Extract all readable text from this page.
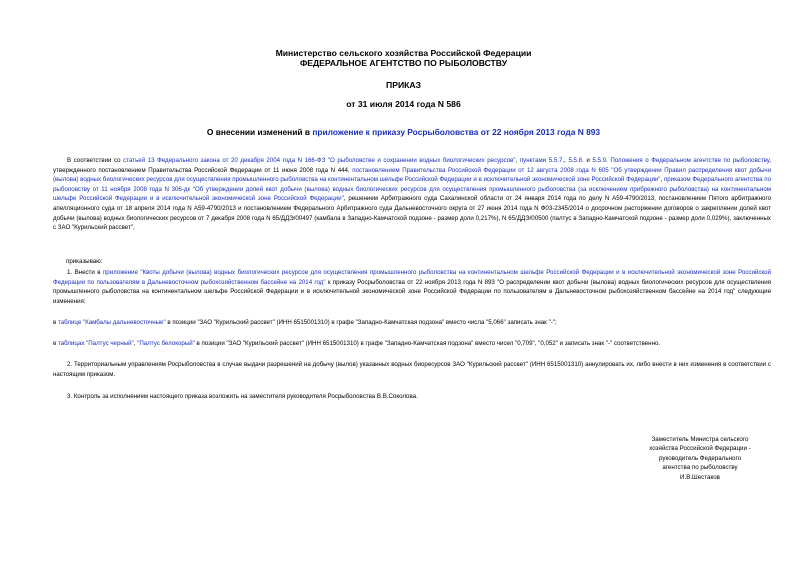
Министерство сельского хозяйства Российской Федерации
ФЕДЕРАЛЬНОЕ АГЕНТСТВО ПО РЫБОЛОВСТВУ
ПРИКАЗ
от 31 июля 2014 года N 586
О внесении изменений в приложение к приказу Росрыболовства от 22 ноября 2013 года N 893
В соответствии со статьей 13 Федерального закона от 20 декабря 2004 года N 166-ФЗ "О рыболовстве и сохранении водных биологических ресурсов", пунктами 5.5.7., 5.5.8. и 5.5.9. Положения о Федеральном агентстве по рыболовству, утвержденного постановлением Правительства Российской Федерации от 11 июня 2008 года N 444, постановлением Правительства Российской Федерации от 12 августа 2008 года N 605 "Об утверждении Правил распределения квот добычи (вылова) водных биологических ресурсов для осуществления промышленного рыболовства на континентальном шельфе Российской Федерации и в исключительной экономической зоне Российской Федерации", приказом Федерального агентства по рыболовству от 11 ноября 2008 года N 306-дк "Об утверждении долей квот добычи (вылова) водных биологических ресурсов для осуществления промышленного рыболовства (за исключением прибрежного рыболовства) на континентальном шельфе Российской Федерации и в исключительной экономической зоне Российской Федерации", решением Арбитражного суда Сахалинской области от 24 января 2014 года по делу N А59-4790/2013, постановлением Пятого арбитражного апелляционного суда от 18 апреля 2014 года N А59-4790/2013 и постановлением Федерального Арбитражного суда Дальневосточного округа от 27 июня 2014 года N Ф03-2345/2014 о досрочном расторжении договоров о закреплении долей квот добычи (вылова) водных биологических ресурсов от 7 декабря 2008 года N 65/ДДЭ/00497 (камбала в Западно-Камчатской подзоне - размер доли 0,217%), N 65/ДДЭ/00500 (палтус в Западно-Камчатской подзоне - размер доли 0,029%), заключенных с ЗАО "Курильский рассвет",
приказываю:
1. Внести в приложение "Квоты добычи (вылова) водных биологических ресурсов для осуществления промышленного рыболовства на континентальном шельфе Российской Федерации и в исключительной экономической зоне Российской Федерации по пользователям в Дальневосточном рыбохозяйственном бассейне на 2014 год" к приказу Росрыболовства от 22 ноября 2013 года N 893 "О распределении квот добычи (вылова) водных биологических ресурсов для осуществления промышленного рыболовства на континентальном шельфе Российской Федерации и в исключительной экономической зоне Российской Федерации по пользователям в Дальневосточном рыбохозяйственном бассейне на 2014 год" следующие изменения:
в таблице "Камбалы дальневосточные" в позиции "ЗАО "Курильский рассвет" (ИНН 6515001310) в графе "Западно-Камчатская подзона" вместо числа "5,066" записать знак "-";
в таблицах "Палтус черный", "Палтус белокорый" в позиции "ЗАО "Курильский рассвет" (ИНН 6515001310) в графе "Западно-Камчатская подзона" вместо чисел "0,709", "0,052" и записать знак "-" соответственно.
2. Территориальным управлениям Росрыболовства в случае выдачи разрешений на добычу (вылов) указанных водных биоресурсов ЗАО "Курильский рассвет" (ИНН 6515001310) аннулировать их, либо внести в них изменения в соответствии с настоящим приказом.
3. Контроль за исполнением настоящего приказа возложить на заместителя руководителя Росрыболовства В.В.Соколова.
Заместитель Министра сельского
хозяйства Российской Федерации -
руководитель Федерального
агентства по рыболовству
И.В.Шестаков
